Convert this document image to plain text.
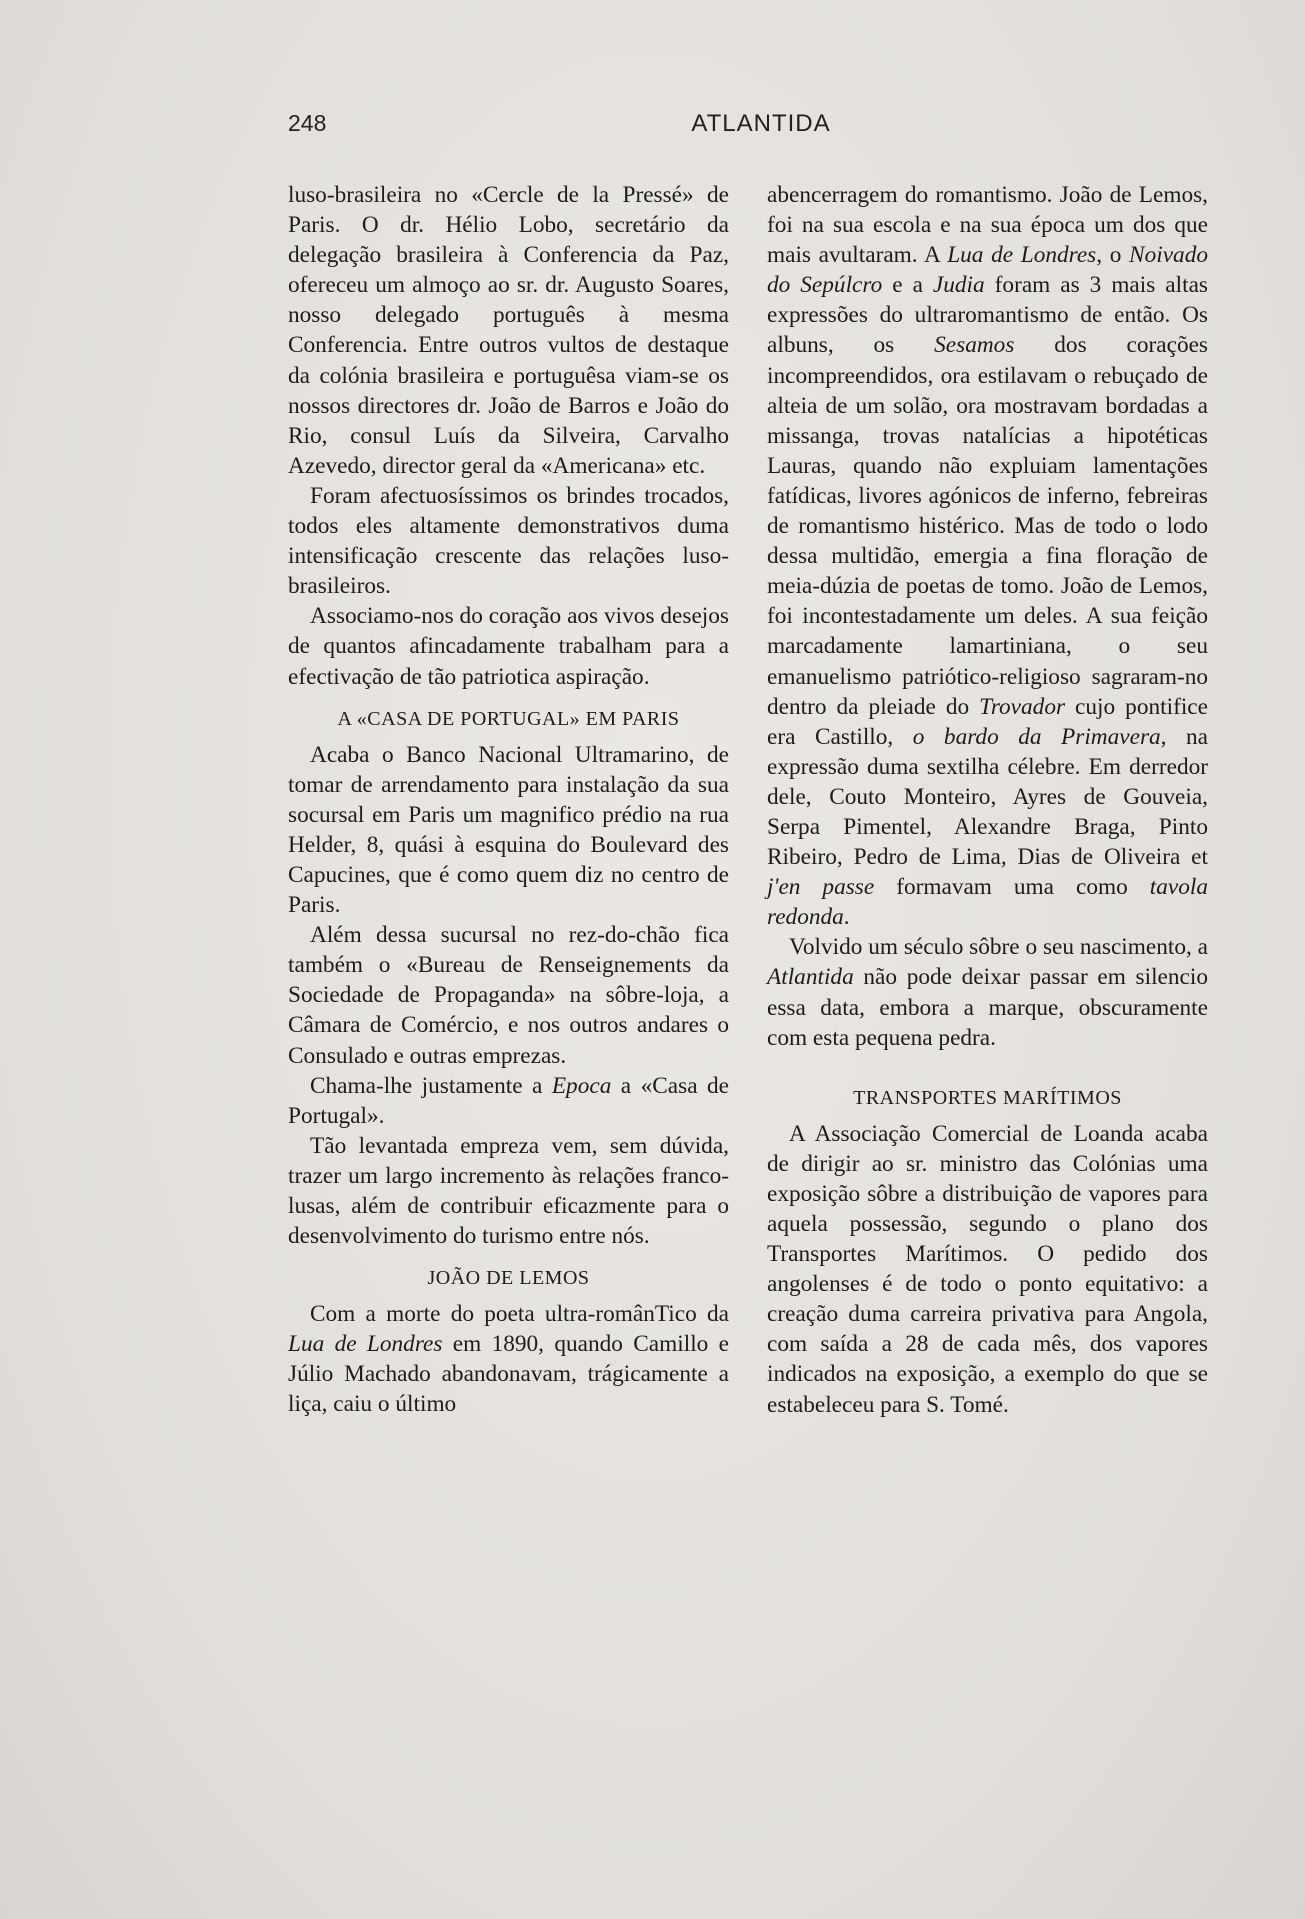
248	ATLANTIDA

luso-brasileira no «Cercle de la Pressé» de Paris. O dr. Hélio Lobo, secretário da delegação brasileira à Conferencia da Paz, ofereceu um almoço ao sr. dr. Augusto Soares, nosso delegado português à mesma Conferencia. Entre outros vultos de destaque da colónia brasileira e portuguêsa viam-se os nossos directores dr. João de Barros e João do Rio, consul Luís da Silveira, Carvalho Azevedo, director geral da «Americana» etc.

Foram afectuosíssimos os brindes trocados, todos eles altamente demonstrativos duma intensificação crescente das relações luso-brasileiros.

Associamo-nos do coração aos vivos desejos de quantos afincadamente trabalham para a efectivação de tão patriotica aspiração.

A «CASA DE PORTUGAL» EM PARIS

Acaba o Banco Nacional Ultramarino, de tomar de arrendamento para instalação da sua socursal em Paris um magnifico prédio na rua Helder, 8, quási à esquina do Boulevard des Capucines, que é como quem diz no centro de Paris.

Além dessa sucursal no rez-do-chão fica também o «Bureau de Renseignements da Sociedade de Propaganda» na sôbre-loja, a Câmara de Comércio, e nos outros andares o Consulado e outras emprezas.

Chama-lhe justamente a Epoca a «Casa de Portugal».

Tão levantada empreza vem, sem dúvida, trazer um largo incremento às relações franco-lusas, além de contribuir eficazmente para o desenvolvimento do turismo entre nós.

JOÃO DE LEMOS

Com a morte do poeta ultra-românTico da Lua de Londres em 1890, quando Camillo e Júlio Machado abandonavam, trágicamente a liça, caiu o último

abencerragem do romantismo. João de Lemos, foi na sua escola e na sua época um dos que mais avultaram. A Lua de Londres, o Noivado do Sepúlcro e a Judia foram as 3 mais altas expressões do ultraromantismo de então. Os albuns, os Sesamos dos corações incompreendidos, ora estilavam o rebuçado de alteia de um solão, ora mostravam bordadas a missanga, trovas natalícias a hipotéticas Lauras, quando não expluiam lamentações fatídicas, livores agónicos de inferno, febreiras de romantismo histérico. Mas de todo o lodo dessa multidão, emergia a fina floração de meia-dúzia de poetas de tomo. João de Lemos, foi incontestadamente um deles. A sua feição marcadamente lamartiniana, o seu emanuelismo patriótico-religioso sagraram-no dentro da pleiade do Trovador cujo pontifice era Castillo, o bardo da Primavera, na expressão duma sextilha célebre. Em derredor dele, Couto Monteiro, Ayres de Gouveia, Serpa Pimentel, Alexandre Braga, Pinto Ribeiro, Pedro de Lima, Dias de Oliveira et j'en passe formavam uma como tavola redonda.

Volvido um século sôbre o seu nascimento, a Atlantida não pode deixar passar em silencio essa data, embora a marque, obscuramente com esta pequena pedra.

TRANSPORTES MARÍTIMOS

A Associação Comercial de Loanda acaba de dirigir ao sr. ministro das Colónias uma exposição sôbre a distribuição de vapores para aquela possessão, segundo o plano dos Transportes Marítimos. O pedido dos angolenses é de todo o ponto equitativo: a creação duma carreira privativa para Angola, com saída a 28 de cada mês, dos vapores indicados na exposição, a exemplo do que se estabeleceu para S. Tomé.
